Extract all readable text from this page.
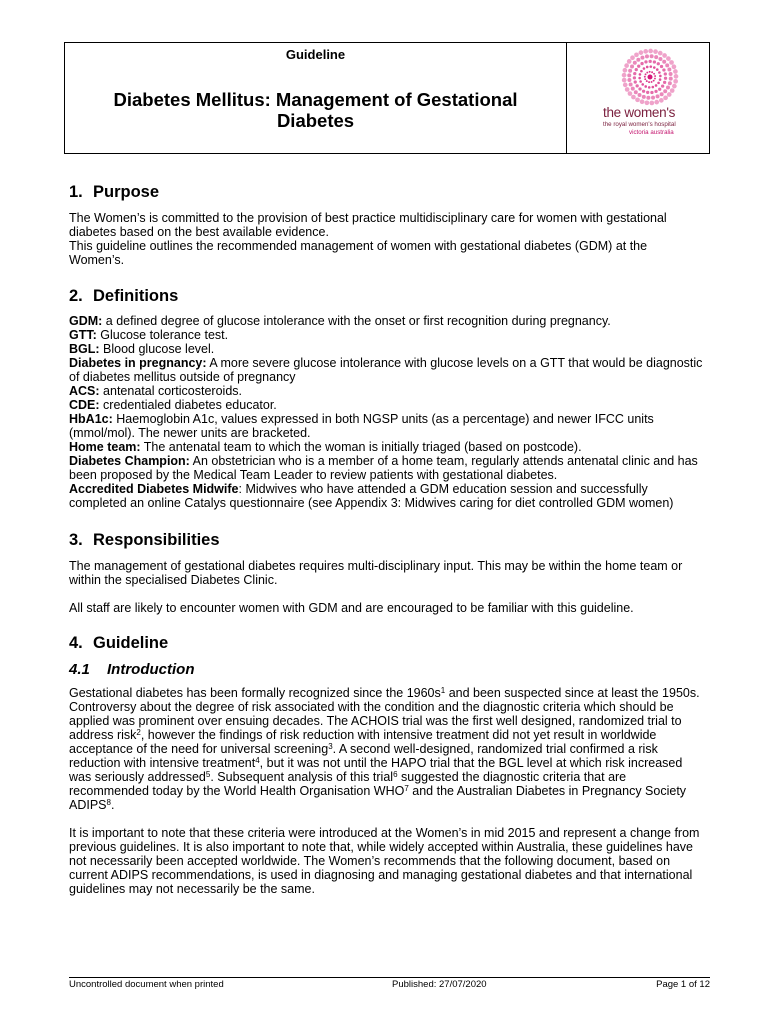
Guideline
Diabetes Mellitus: Management of Gestational Diabetes	the women's
the royal women's hospital
victoria australia
1. Purpose

The Women’s is committed to the provision of best practice multidisciplinary care for women with gestational diabetes based on the best available evidence.

This guideline outlines the recommended management of women with gestational diabetes (GDM) at the Women’s.

2. Definitions

GDM: a defined degree of glucose intolerance with the onset or first recognition during pregnancy.

GTT: Glucose tolerance test.

BGL: Blood glucose level.

Diabetes in pregnancy: A more severe glucose intolerance with glucose levels on a GTT that would be diagnostic of diabetes mellitus outside of pregnancy

ACS: antenatal corticosteroids.

CDE: credentialed diabetes educator.

HbA1c: Haemoglobin A1c, values expressed in both NGSP units (as a percentage) and newer IFCC units (mmol/mol). The newer units are bracketed.

Home team: The antenatal team to which the woman is initially triaged (based on postcode).

Diabetes Champion: An obstetrician who is a member of a home team, regularly attends antenatal clinic and has been proposed by the Medical Team Leader to review patients with gestational diabetes.

Accredited Diabetes Midwife: Midwives who have attended a GDM education session and successfully completed an online Catalys questionnaire (see Appendix 3: Midwives caring for diet controlled GDM women)

3. Responsibilities

The management of gestational diabetes requires multi-disciplinary input. This may be within the home team or within the specialised Diabetes Clinic.

All staff are likely to encounter women with GDM and are encouraged to be familiar with this guideline.

4. Guideline
4.1 Introduction

Gestational diabetes has been formally recognized since the $1960s^1$ and been suspected since at least the 1950s. Controversy about the degree of risk associated with the condition and the diagnostic criteria which should be applied was prominent over ensuing decades. The ACHOIS trial was the first well designed, randomized trial to address risk$^2$, however the findings of risk reduction with intensive treatment did not yet result in worldwide acceptance of the need for universal screening$^3$. A second well-designed, randomized trial confirmed a risk reduction with intensive treatment$^4$, but it was not until the HAPO trial that the BGL level at which risk increased was seriously addressed$^5$. Subsequent analysis of this trial$^6$ suggested the diagnostic criteria that are recommended today by the World Health Organisation WHO$^7$ and the Australian Diabetes in Pregnancy Society ADIPS$^8$.

It is important to note that these criteria were introduced at the Women’s in mid 2015 and represent a change from previous guidelines. It is also important to note that, while widely accepted within Australia, these guidelines have not necessarily been accepted worldwide. The Women’s recommends that the following document, based on current ADIPS recommendations, is used in diagnosing and managing gestational diabetes and that international guidelines may not necessarily be the same.

Uncontrolled document when printed	Published: 27/07/2020	Page 1 of 12
